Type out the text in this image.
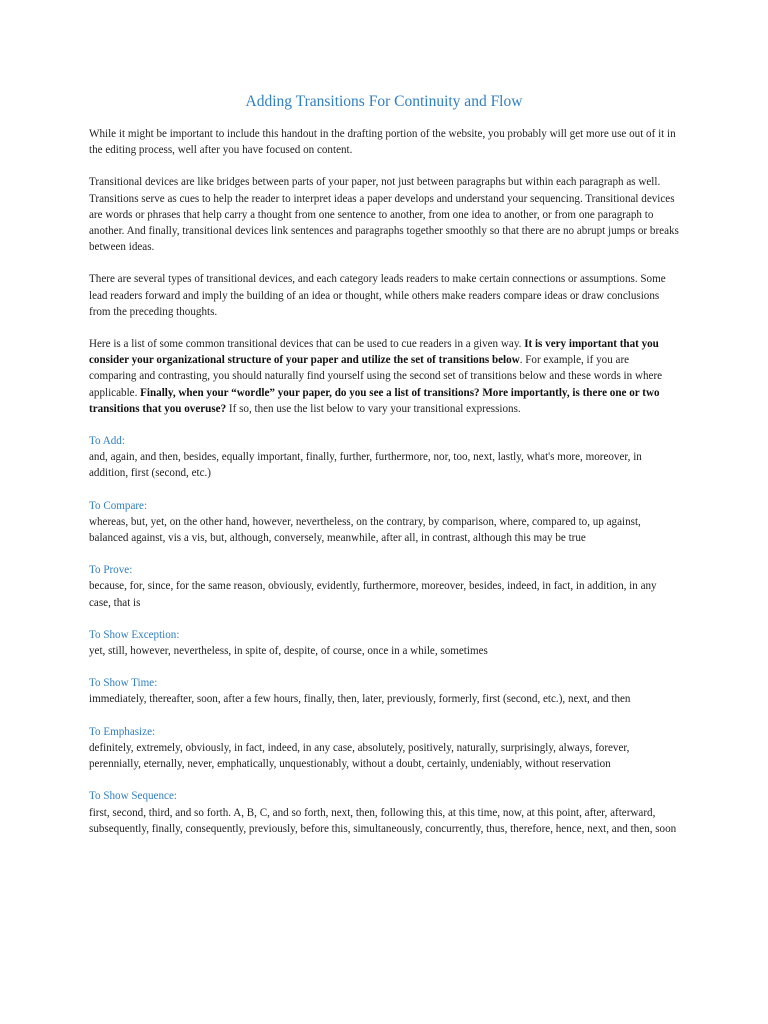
Adding Transitions For Continuity and Flow

While it might be important to include this handout in the drafting portion of the website, you probably will get more use out of it in the editing process, well after you have focused on content.

Transitional devices are like bridges between parts of your paper, not just between paragraphs but within each paragraph as well. Transitions serve as cues to help the reader to interpret ideas a paper develops and understand your sequencing. Transitional devices are words or phrases that help carry a thought from one sentence to another, from one idea to another, or from one paragraph to another. And finally, transitional devices link sentences and paragraphs together smoothly so that there are no abrupt jumps or breaks between ideas.

There are several types of transitional devices, and each category leads readers to make certain connections or assumptions. Some lead readers forward and imply the building of an idea or thought, while others make readers compare ideas or draw conclusions from the preceding thoughts.

Here is a list of some common transitional devices that can be used to cue readers in a given way. It is very important that you consider your organizational structure of your paper and utilize the set of transitions below. For example, if you are comparing and contrasting, you should naturally find yourself using the second set of transitions below and these words in where applicable. Finally, when your “wordle” your paper, do you see a list of transitions? More importantly, is there one or two transitions that you overuse? If so, then use the list below to vary your transitional expressions.

To Add:
and, again, and then, besides, equally important, finally, further, furthermore, nor, too, next, lastly, what's more, moreover, in addition, first (second, etc.)
To Compare:
whereas, but, yet, on the other hand, however, nevertheless, on the contrary, by comparison, where, compared to, up against, balanced against, vis a vis, but, although, conversely, meanwhile, after all, in contrast, although this may be true
To Prove:
because, for, since, for the same reason, obviously, evidently, furthermore, moreover, besides, indeed, in fact, in addition, in any case, that is
To Show Exception:
yet, still, however, nevertheless, in spite of, despite, of course, once in a while, sometimes
To Show Time:
immediately, thereafter, soon, after a few hours, finally, then, later, previously, formerly, first (second, etc.), next, and then
To Emphasize:
definitely, extremely, obviously, in fact, indeed, in any case, absolutely, positively, naturally, surprisingly, always, forever, perennially, eternally, never, emphatically, unquestionably, without a doubt, certainly, undeniably, without reservation
To Show Sequence:
first, second, third, and so forth. A, B, C, and so forth, next, then, following this, at this time, now, at this point, after, afterward, subsequently, finally, consequently, previously, before this, simultaneously, concurrently, thus, therefore, hence, next, and then, soon
